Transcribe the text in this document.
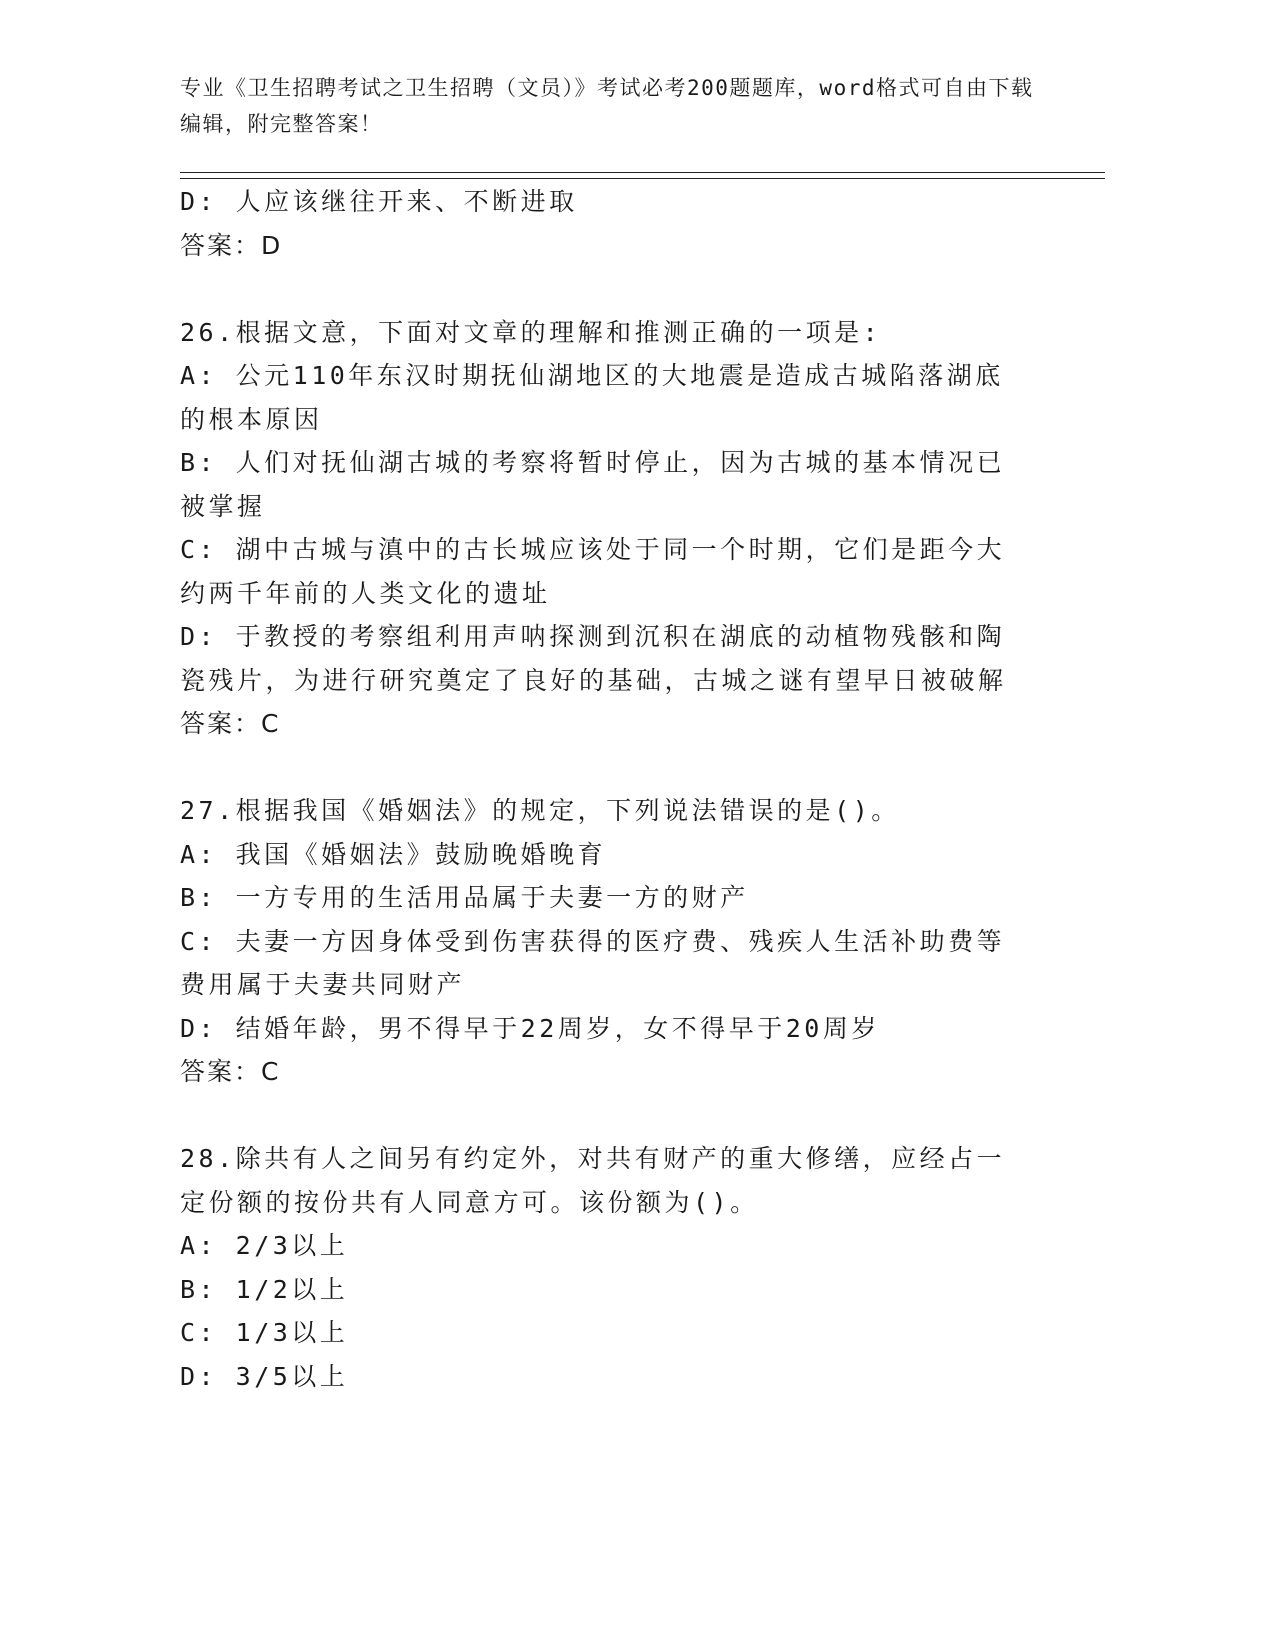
专业《卫生招聘考试之卫生招聘（文员）》考试必考200题题库，word格式可自由下载编辑，附完整答案！
D: 人应该继往开来、不断进取
答案：D
26.根据文意，下面对文章的理解和推测正确的一项是:
A: 公元110年东汉时期抚仙湖地区的大地震是造成古城陷落湖底的根本原因
B: 人们对抚仙湖古城的考察将暂时停止，因为古城的基本情况已被掌握
C: 湖中古城与滇中的古长城应该处于同一个时期，它们是距今大约两千年前的人类文化的遗址
D: 于教授的考察组利用声呐探测到沉积在湖底的动植物残骸和陶瓷残片，为进行研究奠定了良好的基础，古城之谜有望早日被破解
答案：C
27.根据我国《婚姻法》的规定，下列说法错误的是()。
A: 我国《婚姻法》鼓励晚婚晚育
B: 一方专用的生活用品属于夫妻一方的财产
C: 夫妻一方因身体受到伤害获得的医疗费、残疾人生活补助费等费用属于夫妻共同财产
D: 结婚年龄，男不得早于22周岁，女不得早于20周岁
答案：C
28.除共有人之间另有约定外，对共有财产的重大修缮，应经占一定份额的按份共有人同意方可。该份额为()。
A: 2/3以上
B: 1/2以上
C: 1/3以上
D: 3/5以上
